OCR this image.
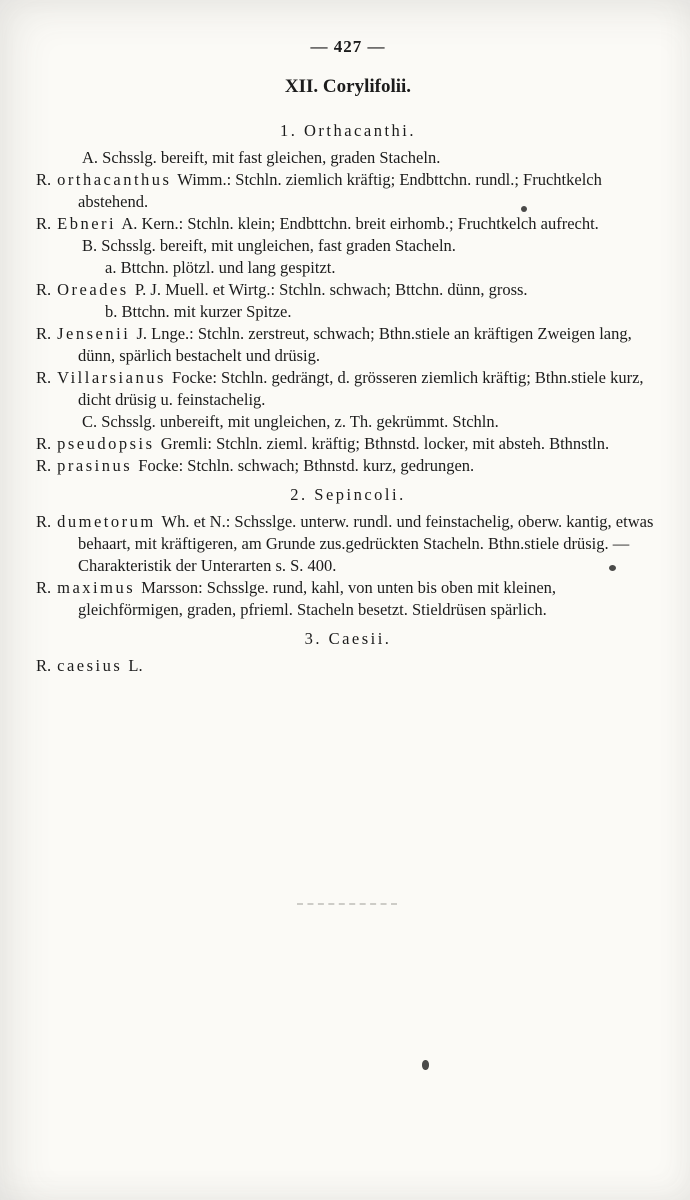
— 427 —
XII. Corylifolii.
1. Orthacanthi.

A. Schsslg. bereift, mit fast gleichen, graden Stacheln.

R. orthacanthus Wimm.: Stchln. ziemlich kräftig; Endbttchn. rundl.; Fruchtkelch abstehend.

R. Ebneri A. Kern.: Stchln. klein; Endbttchn. breit eirhomb.; Fruchtkelch aufrecht.

B. Schsslg. bereift, mit ungleichen, fast graden Stacheln.

a. Bttchn. plötzl. und lang gespitzt.

R. Oreades P. J. Muell. et Wirtg.: Stchln. schwach; Bttchn. dünn, gross.

b. Bttchn. mit kurzer Spitze.

R. Jensenii J. Lnge.: Stchln. zerstreut, schwach; Bthn.stiele an kräftigen Zweigen lang, dünn, spärlich bestachelt und drüsig.

R. Villarsianus Focke: Stchln. gedrängt, d. grösseren ziemlich kräftig; Bthn.stiele kurz, dicht drüsig u. feinstachelig.

C. Schsslg. unbereift, mit ungleichen, z. Th. gekrümmt. Stchln.

R. pseudopsis Gremli: Stchln. zieml. kräftig; Bthnstd. locker, mit absteh. Bthnstln.

R. prasinus Focke: Stchln. schwach; Bthnstd. kurz, gedrungen.

2. Sepincoli.

R. dumetorum Wh. et N.: Schsslge. unterw. rundl. und feinstachelig, oberw. kantig, etwas behaart, mit kräftigeren, am Grunde zus.gedrückten Stacheln. Bthn.stiele drüsig. — Charakteristik der Unterarten s. S. 400.

R. maximus Marsson: Schsslge. rund, kahl, von unten bis oben mit kleinen, gleichförmigen, graden, pfrieml. Stacheln besetzt. Stieldrüsen spärlich.

3. Caesii.

R. caesius L.
